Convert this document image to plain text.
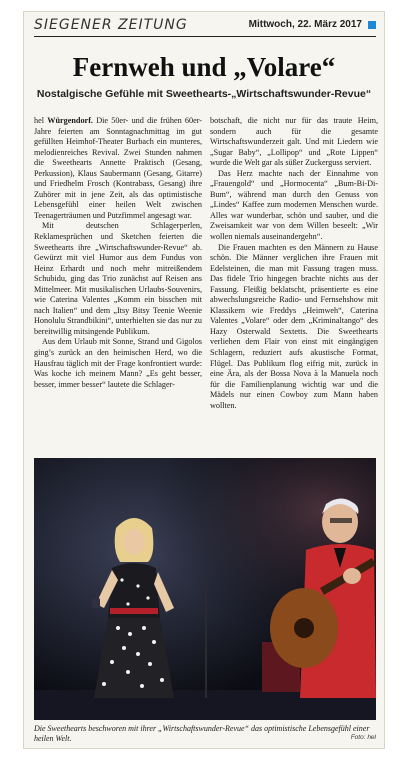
SIEGENER ZEITUNG	Mittwoch, 22. März 2017
Fernweh und „Volare“
Nostalgische Gefühle mit Sweethearts-„Wirtschaftswunder-Revue“

hel Würgendorf. Die 50er- und die frühen 60er-Jahre feierten am Sonntagnachmittag im gut gefüllten Heimhof-Theater Burbach ein munteres, melodienreiches Revival. Zwei Stunden nahmen die Sweethearts Annette Praktisch (Gesang, Perkussion), Klaus Saubermann (Gesang, Gitarre) und Friedhelm Frosch (Kontrabass, Gesang) ihre Zuhörer mit in jene Zeit, als das optimistische Lebensgefühl einer heilen Welt zwischen Teenagerträumen und Putzfimmel angesagt war.

Mit deutschen Schlagerperlen, Reklamesprüchen und Sketchen feierten die Sweethearts ihre „Wirtschaftswunder-Revue“ ab. Gewürzt mit viel Humor aus dem Fundus von Heinz Erhardt und noch mehr mitreißendem Schubidu, ging das Trio zunächst auf Reisen ans Mittelmeer. Mit musikalischen Urlaubs-Souvenirs, wie Caterina Valentes „Komm ein bisschen mit nach Italien“ und dem „Itsy Bitsy Teenie Weenie Honolulu Strandbikini“, unterhielten sie das nur zu bereitwillig mitsingende Publikum.

Aus dem Urlaub mit Sonne, Strand und Gigolos ging’s zurück an den heimischen Herd, wo die Hausfrau täglich mit der Frage konfrontiert wurde: Was koche ich meinem Mann? „Es geht besser, besser, immer besser“ lautete die Schlager-

botschaft, die nicht nur für das traute Heim, sondern auch für die gesamte Wirtschaftswunderzeit galt. Und mit Liedern wie „Sugar Baby“, „Lollipop“ und „Rote Lippen“ wurde die Welt gar als süßer Zuckerguss serviert.

Das Herz machte nach der Einnahme von „Frauengold“ und „Hormocenta“ „Bum-Bi-Di-Bum“, während man durch den Genuss von „Lindes“ Kaffee zum modernen Menschen wurde. Alles war wunderbar, schön und sauber, und die Zweisamkeit war von dem Willen beseelt: „Wir wollen niemals auseinandergehn“.

Die Frauen machten es den Männern zu Hause schön. Die Männer verglichen ihre Frauen mit Edelsteinen, die man mit Fassung tragen muss. Das fidele Trio hingegen brachte nichts aus der Fassung. Fleißig beklatscht, präsentierte es eine abwechslungsreiche Radio- und Fernsehshow mit Klassikern wie Freddys „Heimweh“, Caterina Valentes „Volare“ oder dem „Kriminaltango“ des Hazy Osterwald Sextetts. Die Sweethearts verliehen dem Flair von einst mit eingängigen Schlagern, reduziert aufs akustische Format, Flügel. Das Publikum flog eifrig mit, zurück in eine Ära, als der Bossa Nova à la Manuela noch für die Familienplanung wichtig war und die Mädels nur einen Cowboy zum Mann haben wollten.

Die Sweethearts beschworen mit ihrer „Wirtschaftswunder-Revue“ das optimistische Lebensgefühl einer heilen Welt.	Foto: hel
